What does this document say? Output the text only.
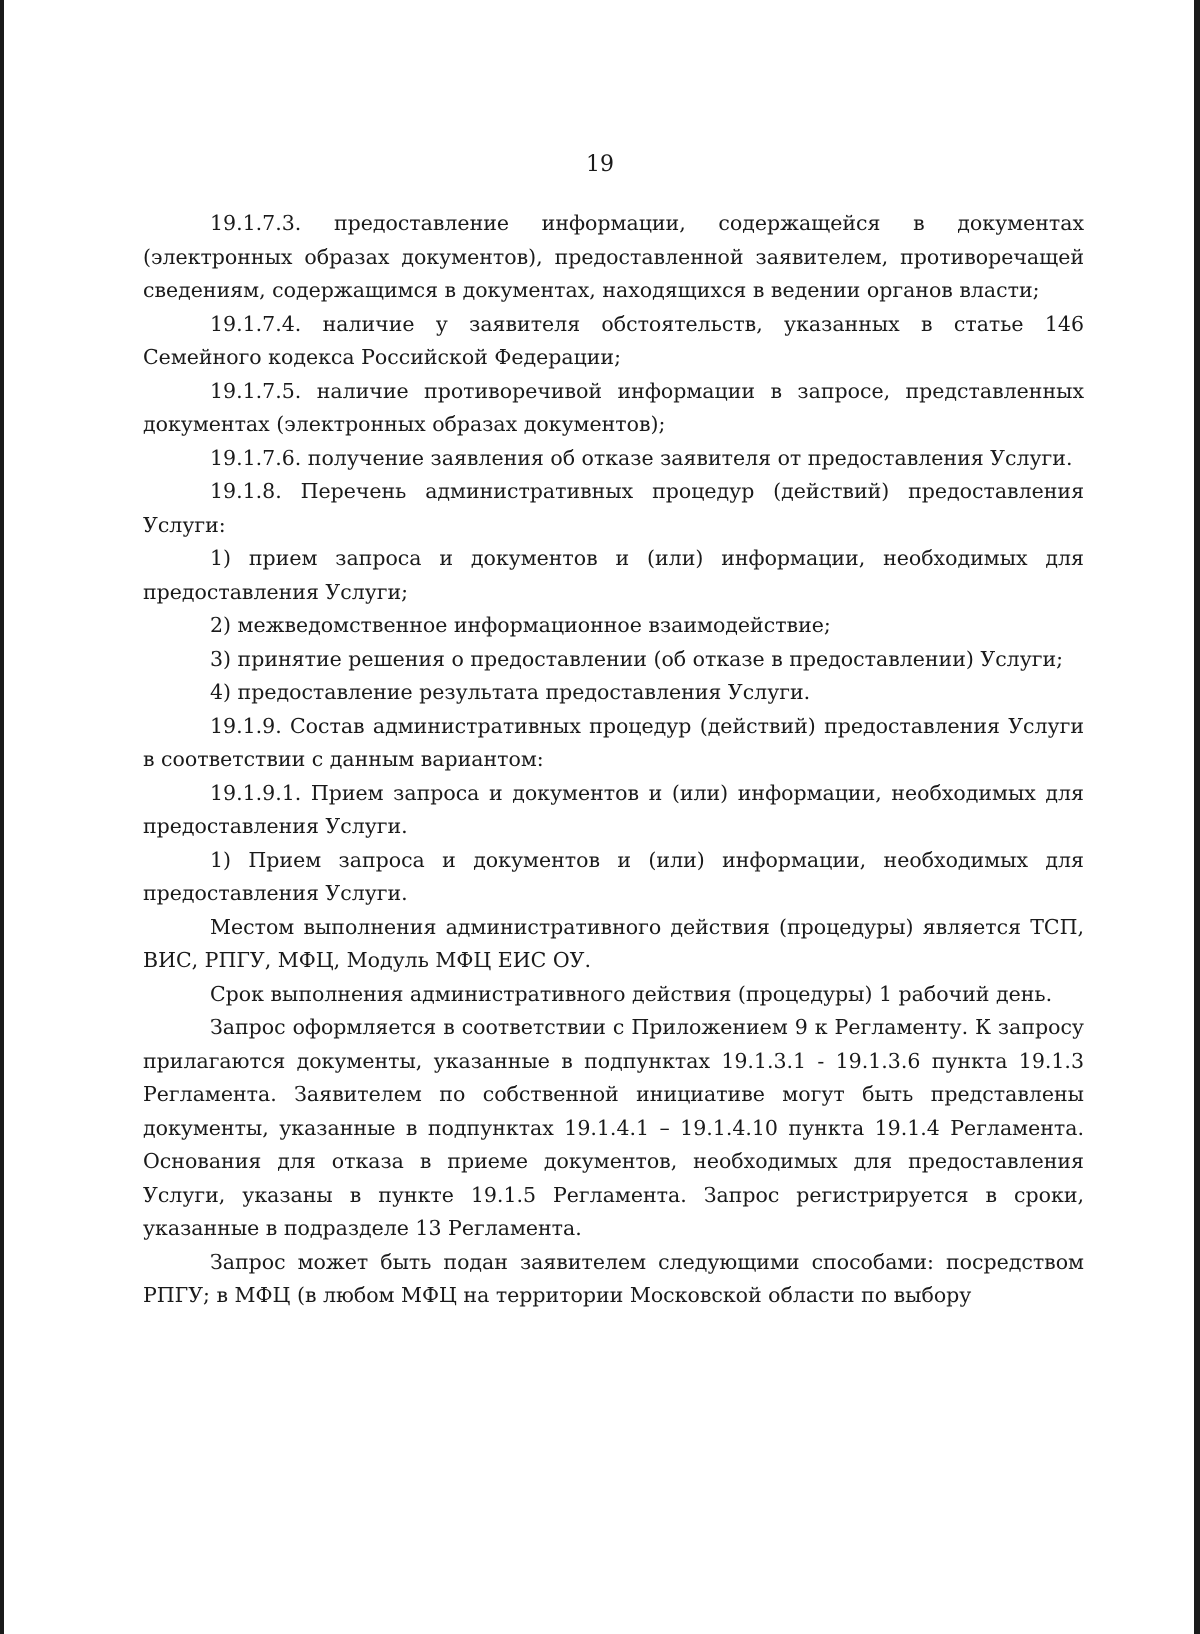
19

19.1.7.3. предоставление информации, содержащейся в документах (электронных образах документов), предоставленной заявителем, противоречащей сведениям, содержащимся в документах, находящихся в ведении органов власти;

19.1.7.4. наличие у заявителя обстоятельств, указанных в статье 146 Семейного кодекса Российской Федерации;

19.1.7.5. наличие противоречивой информации в запросе, представленных документах (электронных образах документов);

19.1.7.6. получение заявления об отказе заявителя от предоставления Услуги.

19.1.8. Перечень административных процедур (действий) предоставления Услуги:

1) прием запроса и документов и (или) информации, необходимых для предоставления Услуги;

2) межведомственное информационное взаимодействие;

3) принятие решения о предоставлении (об отказе в предоставлении) Услуги;

4) предоставление результата предоставления Услуги.

19.1.9. Состав административных процедур (действий) предоставления Услуги в соответствии с данным вариантом:

19.1.9.1. Прием запроса и документов и (или) информации, необходимых для предоставления Услуги.

1) Прием запроса и документов и (или) информации, необходимых для предоставления Услуги.

Местом выполнения административного действия (процедуры) является ТСП, ВИС, РПГУ, МФЦ, Модуль МФЦ ЕИС ОУ.

Срок выполнения административного действия (процедуры) 1 рабочий день.

Запрос оформляется в соответствии с Приложением 9 к Регламенту. К запросу прилагаются документы, указанные в подпунктах 19.1.3.1 - 19.1.3.6 пункта 19.1.3 Регламента. Заявителем по собственной инициативе могут быть представлены документы, указанные в подпунктах 19.1.4.1 – 19.1.4.10 пункта 19.1.4 Регламента. Основания для отказа в приеме документов, необходимых для предоставления Услуги, указаны в пункте 19.1.5 Регламента. Запрос регистрируется в сроки, указанные в подразделе 13 Регламента.

Запрос может быть подан заявителем следующими способами: посредством РПГУ; в МФЦ (в любом МФЦ на территории Московской области по выбору
